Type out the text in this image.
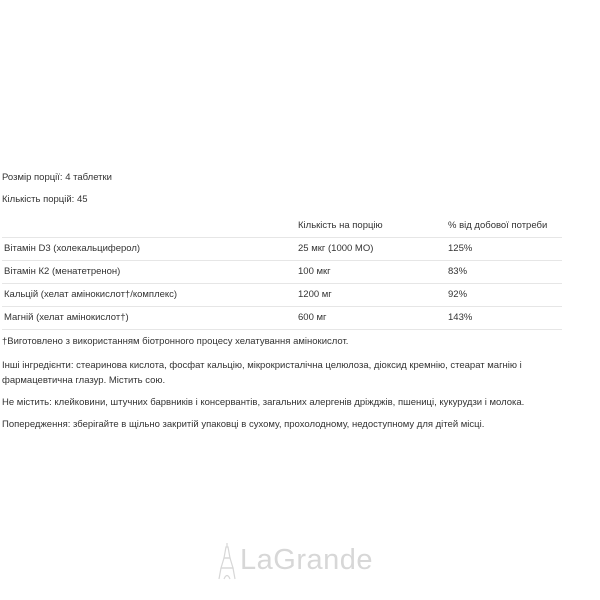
Розмір порції: 4 таблетки
Кількість порцій: 45
	Кількість на порцію	% від добової потреби
Вітамін D3 (холекальциферол)	25 мкг (1000 МО)	125%
Вітамін К2 (менатетренон)	100 мкг	83%
Кальцій (хелат амінокислот†/комплекс)	1200 мг	92%
Магній (хелат амінокислот†)	600 мг	143%
†Виготовлено з використанням біотронного процесу хелатування амінокислот.
Інші інгредієнти: стеаринова кислота, фосфат кальцію, мікрокристалічна целюлоза, діоксид кремнію, стеарат магнію і фармацевтична глазур. Містить сою.
Не містить: клейковини, штучних барвників і консервантів, загальних алергенів дріжджів, пшениці, кукурудзи і молока.
Попередження: зберігайте в щільно закритій упаковці в сухому, прохолодному, недоступному для дітей місці.
LaGrande
